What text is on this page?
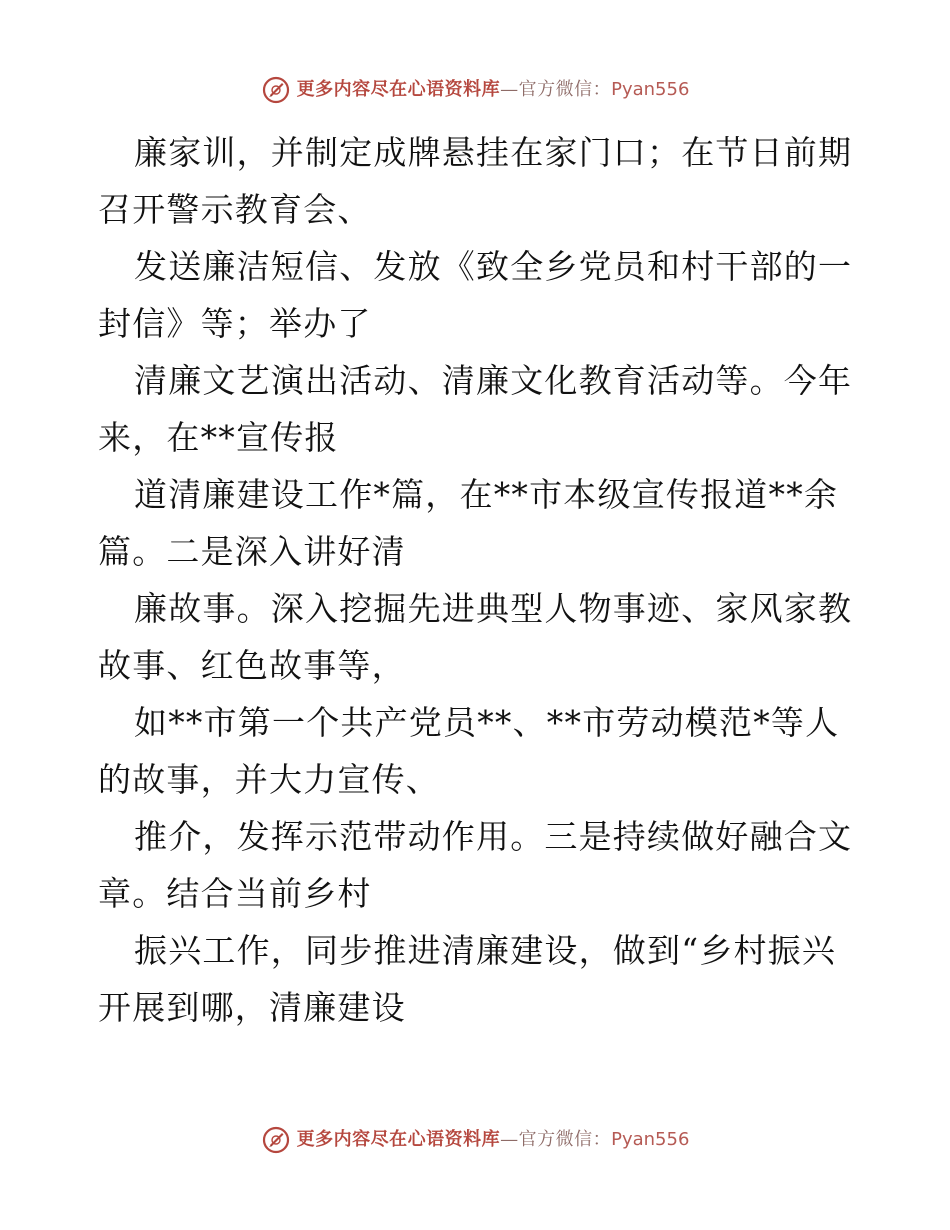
更多内容尽在心语资料库 — 官方微信： Pyan556

廉家训，并制定成牌悬挂在家门口；在节日前期召开警示教育会、

发送廉洁短信、发放《致全乡党员和村干部的一封信》等；举办了

清廉文艺演出活动、清廉文化教育活动等。今年来，在**宣传报

道清廉建设工作*篇，在**市本级宣传报道**余篇。二是深入讲好清

廉故事。深入挖掘先进典型人物事迹、家风家教故事、红色故事等，

如**市第一个共产党员**、**市劳动模范*等人的故事，并大力宣传、

推介，发挥示范带动作用。三是持续做好融合文章。结合当前乡村

振兴工作，同步推进清廉建设，做到“乡村振兴开展到哪，清廉建设

更多内容尽在心语资料库 — 官方微信： Pyan556
